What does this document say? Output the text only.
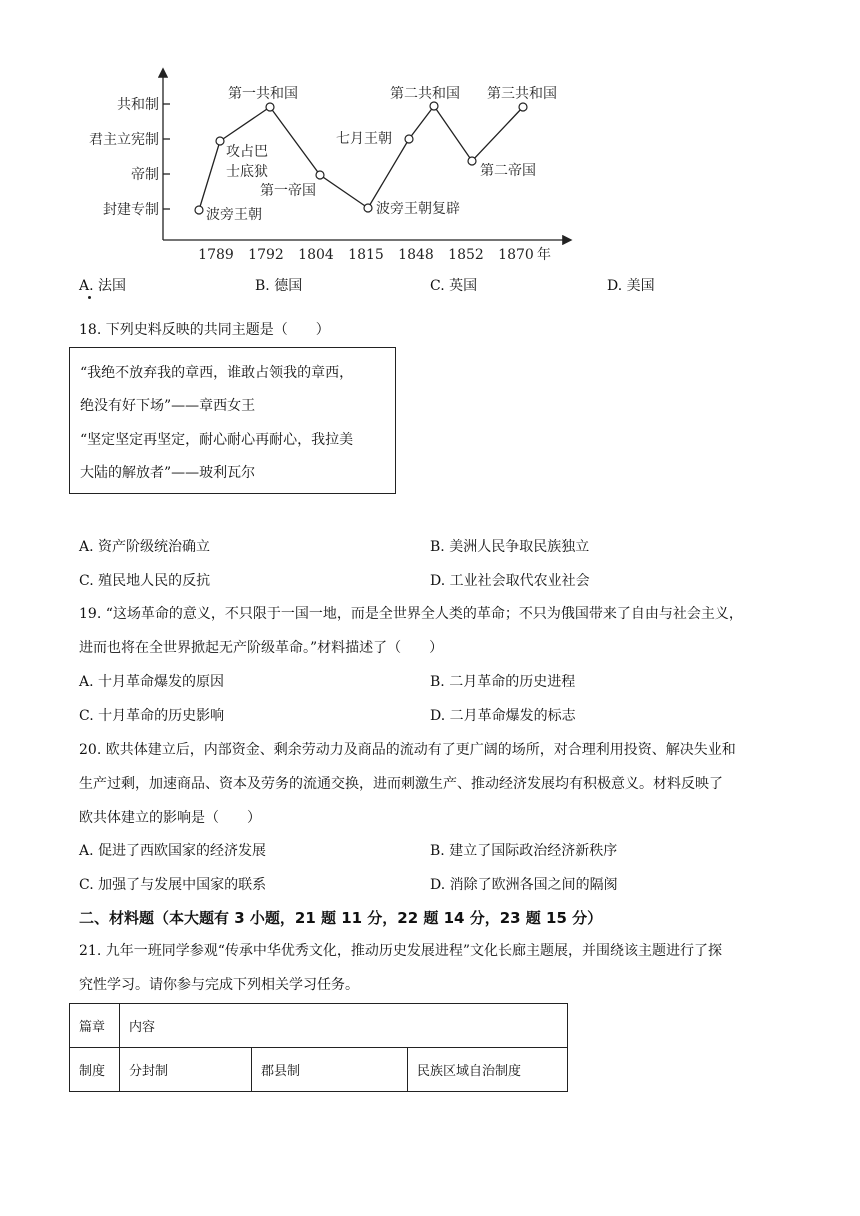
共和制
君主立宪制
帝制
封建专制
1789 1792 1804 1815 1848 1852 1870 年
波旁王朝
攻占巴
士底狱
第一共和国
第一帝国
波旁王朝复辟
七月王朝
第二共和国
第二帝国
第三共和国
A. 法国	B. 德国	C. 英国	D. 美国
18. 下列史料反映的共同主题是（　　）
“我绝不放弃我的章西，谁敢占领我的章西，
绝没有好下场”——章西女王
“坚定坚定再坚定，耐心耐心再耐心，我拉美
大陆的解放者”——玻利瓦尔
A. 资产阶级统治确立	B. 美洲人民争取民族独立
C. 殖民地人民的反抗	D. 工业社会取代农业社会
19. “这场革命的意义，不只限于一国一地，而是全世界全人类的革命；不只为俄国带来了自由与社会主义，
进而也将在全世界掀起无产阶级革命。”材料描述了（　　）
A. 十月革命爆发的原因	B. 二月革命的历史进程
C. 十月革命的历史影响	D. 二月革命爆发的标志
20. 欧共体建立后，内部资金、剩余劳动力及商品的流动有了更广阔的场所，对合理利用投资、解决失业和
生产过剩，加速商品、资本及劳务的流通交换，进而刺激生产、推动经济发展均有积极意义。材料反映了
欧共体建立的影响是（　　）
A. 促进了西欧国家的经济发展	B. 建立了国际政治经济新秩序
C. 加强了与发展中国家的联系	D. 消除了欧洲各国之间的隔阂
二、材料题（本大题有 3 小题，21 题 11 分，22 题 14 分，23 题 15 分）
21. 九年一班同学参观“传承中华优秀文化，推动历史发展进程”文化长廊主题展，并围绕该主题进行了探
究性学习。请你参与完成下列相关学习任务。
篇章	内容		
制度	分封制	郡县制	民族区域自治制度
